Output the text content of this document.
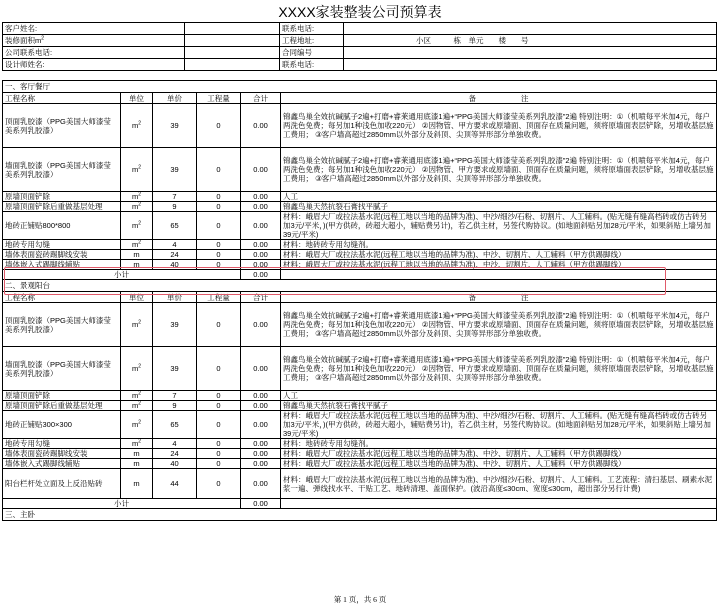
XXXX家装整装公司预算表
客户姓名:		联系电话:	
装修面积$m^2$		工程地址:	小区　　　栋　单元　　楼　　号
公司联系电话:		合同编号	
设计师姓名:		联系电话:	
一、客厅餐厅					
工程名称	单位	单价	工程量	合计	备　　　　　　注
顶面乳胶漆（PPG美国大师漆莹美系列乳胶漆）	$m^2$	39	0	0.00	锦鑫鸟巢全效抗碱腻子2遍+打磨+睿莱通用底漆1遍+“PPG美国大师漆莹美系列乳胶漆”2遍 特别注明：①（机喷每平米加4元，每户两洗色免费；每另加1种浅色加收220元） ②因物管、甲方要求或原墙面、顶面存在质量问题，须将原墙面表层铲除，另增收基层施工费用； ③客户墙高超过2850mm以外部分及斜顶、尖顶等异形部分单独收费。
墙面乳胶漆（PPG美国大师漆莹美系列乳胶漆）	$m^2$	39	0	0.00	锦鑫鸟巢全效抗碱腻子2遍+打磨+睿莱通用底漆1遍+“PPG美国大师漆莹美系列乳胶漆”2遍 特别注明：①（机喷每平米加4元，每户两洗色免费；每另加1种浅色加收220元） ②因物管、甲方要求或原墙面、顶面存在质量问题，须将原墙面表层铲除，另增收基层施工费用； ③客户墙高超过2850mm以外部分及斜顶、尖顶等异形部分单独收费。
原墙顶面铲除	$m^2$	7	0	0.00	人工
原墙顶面铲除后重做基层处理	$m^2$	9	0	0.00	锦鑫鸟巢天然抗裂石膏找平腻子
地砖正铺贴800*800	$m^2$	65	0	0.00	材料：峨眉大厂或拉法基水泥(远程工地以当地的品牌为准)、中沙/细沙/石粉、切割片、人工辅料。(贴无缝有缝高档砖或仿古砖另加3元/平米，)(甲方供砖，砖超大超小，辅贴费另计)，若乙供主材，另签代购协议。(如地面斜贴另加28元/平米，如果斜贴上墙另加39元/平米)
地砖专用勾缝	$m^2$	4	0	0.00	材料：地砖砖专用勾缝剂。
墙体表面瓷砖踢脚线安装	m	24	0	0.00	材料：峨眉大厂或拉法基水泥(远程工地以当地的品牌为准)、中沙、切割片、人工辅料（甲方供踢脚线）
墙体嵌入式踢脚线辅贴	m	40	0	0.00	材料：峨眉大厂或拉法基水泥(远程工地以当地的品牌为准)、中沙、切割片、人工辅料（甲方供踢脚线）
小计				0.00	
二、景观阳台					
工程名称	单位	单价	工程量	合计	备　　　　　　注
顶面乳胶漆（PPG美国大师漆莹美系列乳胶漆）	$m^2$	39	0	0.00	锦鑫鸟巢全效抗碱腻子2遍+打磨+睿莱通用底漆1遍+“PPG美国大师漆莹美系列乳胶漆”2遍 特别注明：①（机喷每平米加4元，每户两洗色免费；每另加1种浅色加收220元） ②因物管、甲方要求或原墙面、顶面存在质量问题，须将原墙面表层铲除，另增收基层施工费用； ③客户墙高超过2850mm以外部分及斜顶、尖顶等异形部分单独收费。
墙面乳胶漆（PPG美国大师漆莹美系列乳胶漆）	$m^2$	39	0	0.00	锦鑫鸟巢全效抗碱腻子2遍+打磨+睿莱通用底漆1遍+“PPG美国大师漆莹美系列乳胶漆”2遍 特别注明：①（机喷每平米加4元，每户两洗色免费；每另加1种浅色加收220元） ②因物管、甲方要求或原墙面、顶面存在质量问题，须将原墙面表层铲除，另增收基层施工费用； ③客户墙高超过2850mm以外部分及斜顶、尖顶等异形部分单独收费。
原墙顶面铲除	$m^2$	7	0	0.00	人工
原墙顶面铲除后重做基层处理	$m^2$	9	0	0.00	锦鑫鸟巢天然抗裂石膏找平腻子
地砖正铺贴300×300	$m^2$	65	0	0.00	材料：峨眉大厂或拉法基水泥(远程工地以当地的品牌为准)、中沙/细沙/石粉、切割片、人工辅料。(贴无缝有缝高档砖或仿古砖另加3元/平米，)(甲方供砖，砖超大超小，辅贴费另计)，若乙供主材，另签代购协议。(如地面斜贴另加28元/平米，如果斜贴上墙另加39元/平米)
地砖专用勾缝	$m^2$	4	0	0.00	材料：地砖砖专用勾缝剂。
墙体表面瓷砖踢脚线安装	m	24	0	0.00	材料：峨眉大厂或拉法基水泥(远程工地以当地的品牌为准)、中沙、切割片、人工辅料（甲方供踢脚线）
墙体嵌入式踢脚线辅贴	m	40	0	0.00	材料：峨眉大厂或拉法基水泥(远程工地以当地的品牌为准)、中沙、切割片、人工辅料（甲方供踢脚线）
阳台栏杆处立面及上反沿贴砖	m	44	0	0.00	材料：峨眉大厂或拉法基水泥(远程工地以当地的品牌为准)、中沙/细沙/石粉、切割片、人工辅料。工艺流程：清扫基层、刷素水泥浆一遍、弹线找水平、干贴工艺、地砖清理、盖面保护。(波沿高度≤30cm、宽度≤30cm，超出部分另行计费)
小计				0.00	
三、主卧					
第 1 页，共 6 页
